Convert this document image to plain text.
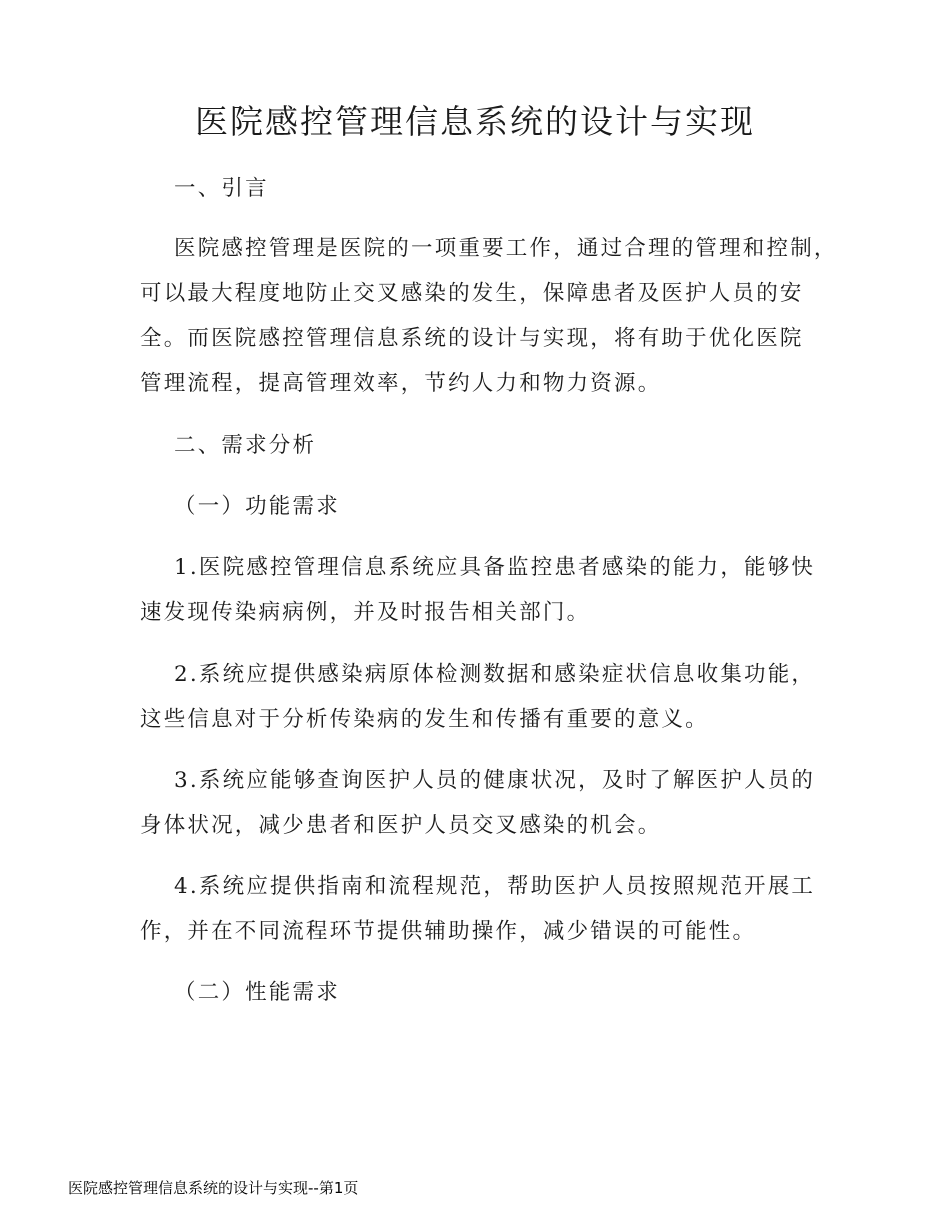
医院感控管理信息系统的设计与实现
一、引言
医院感控管理是医院的一项重要工作，通过合理的管理和控制，
可以最大程度地防止交叉感染的发生，保障患者及医护人员的安
全。而医院感控管理信息系统的设计与实现，将有助于优化医院
管理流程，提高管理效率，节约人力和物力资源。
二、需求分析
（一）功能需求
1.医院感控管理信息系统应具备监控患者感染的能力，能够快
速发现传染病病例，并及时报告相关部门。
2.系统应提供感染病原体检测数据和感染症状信息收集功能，
这些信息对于分析传染病的发生和传播有重要的意义。
3.系统应能够查询医护人员的健康状况，及时了解医护人员的
身体状况，减少患者和医护人员交叉感染的机会。
4.系统应提供指南和流程规范，帮助医护人员按照规范开展工
作，并在不同流程环节提供辅助操作，减少错误的可能性。
（二）性能需求
医院感控管理信息系统的设计与实现--第1页
